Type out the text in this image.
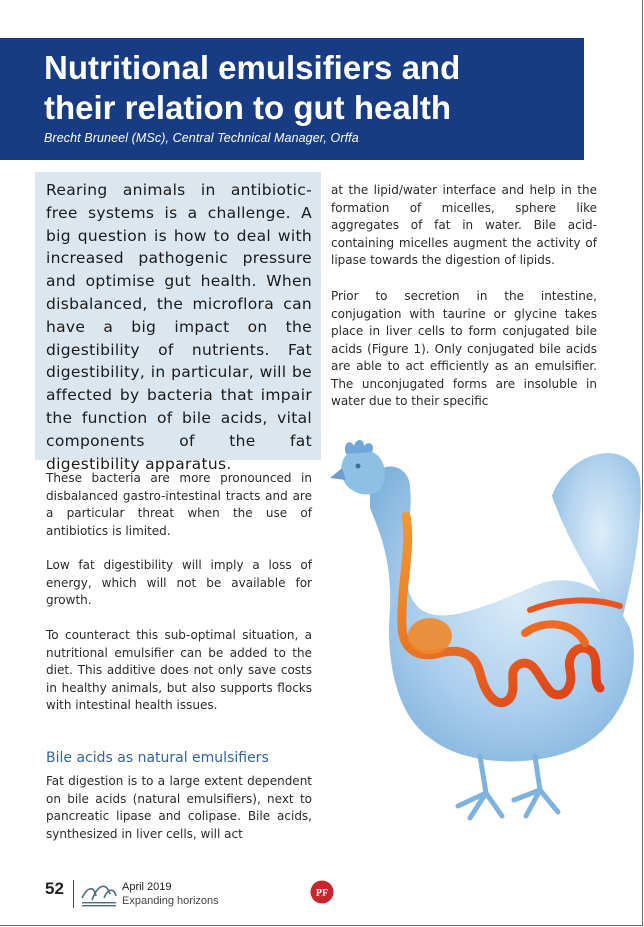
Nutritional emulsifiers and
their relation to gut health
Brecht Bruneel (MSc), Central Technical Manager, Orffa

Rearing animals in antibiotic-free systems is a challenge. A big question is how to deal with increased pathogenic pressure and optimise gut health. When disbalanced, the microflora can have a big impact on the digestibility of nutrients. Fat digestibility, in particular, will be affected by bacteria that impair the function of bile acids, vital components of the fat digestibility apparatus.

These bacteria are more pronounced in disbalanced gastro-intestinal tracts and are a particular threat when the use of antibiotics is limited.

Low fat digestibility will imply a loss of energy, which will not be available for growth.

To counteract this sub-optimal situation, a nutritional emulsifier can be added to the diet. This additive does not only save costs in healthy animals, but also supports flocks with intestinal health issues.

Bile acids as natural emulsifiers

Fat digestion is to a large extent dependent on bile acids (natural emulsifiers), next to pancreatic lipase and colipase. Bile acids, synthesized in liver cells, will act

at the lipid/water interface and help in the formation of micelles, sphere like aggregates of fat in water. Bile acid-containing micelles augment the activity of lipase towards the digestion of lipids.

Prior to secretion in the intestine, conjugation with taurine or glycine takes place in liver cells to form conjugated bile acids (Figure 1). Only conjugated bile acids are able to act efficiently as an emulsifier. The unconjugated forms are insoluble in water due to their specific

52	April 2019
Expanding horizons
PF
